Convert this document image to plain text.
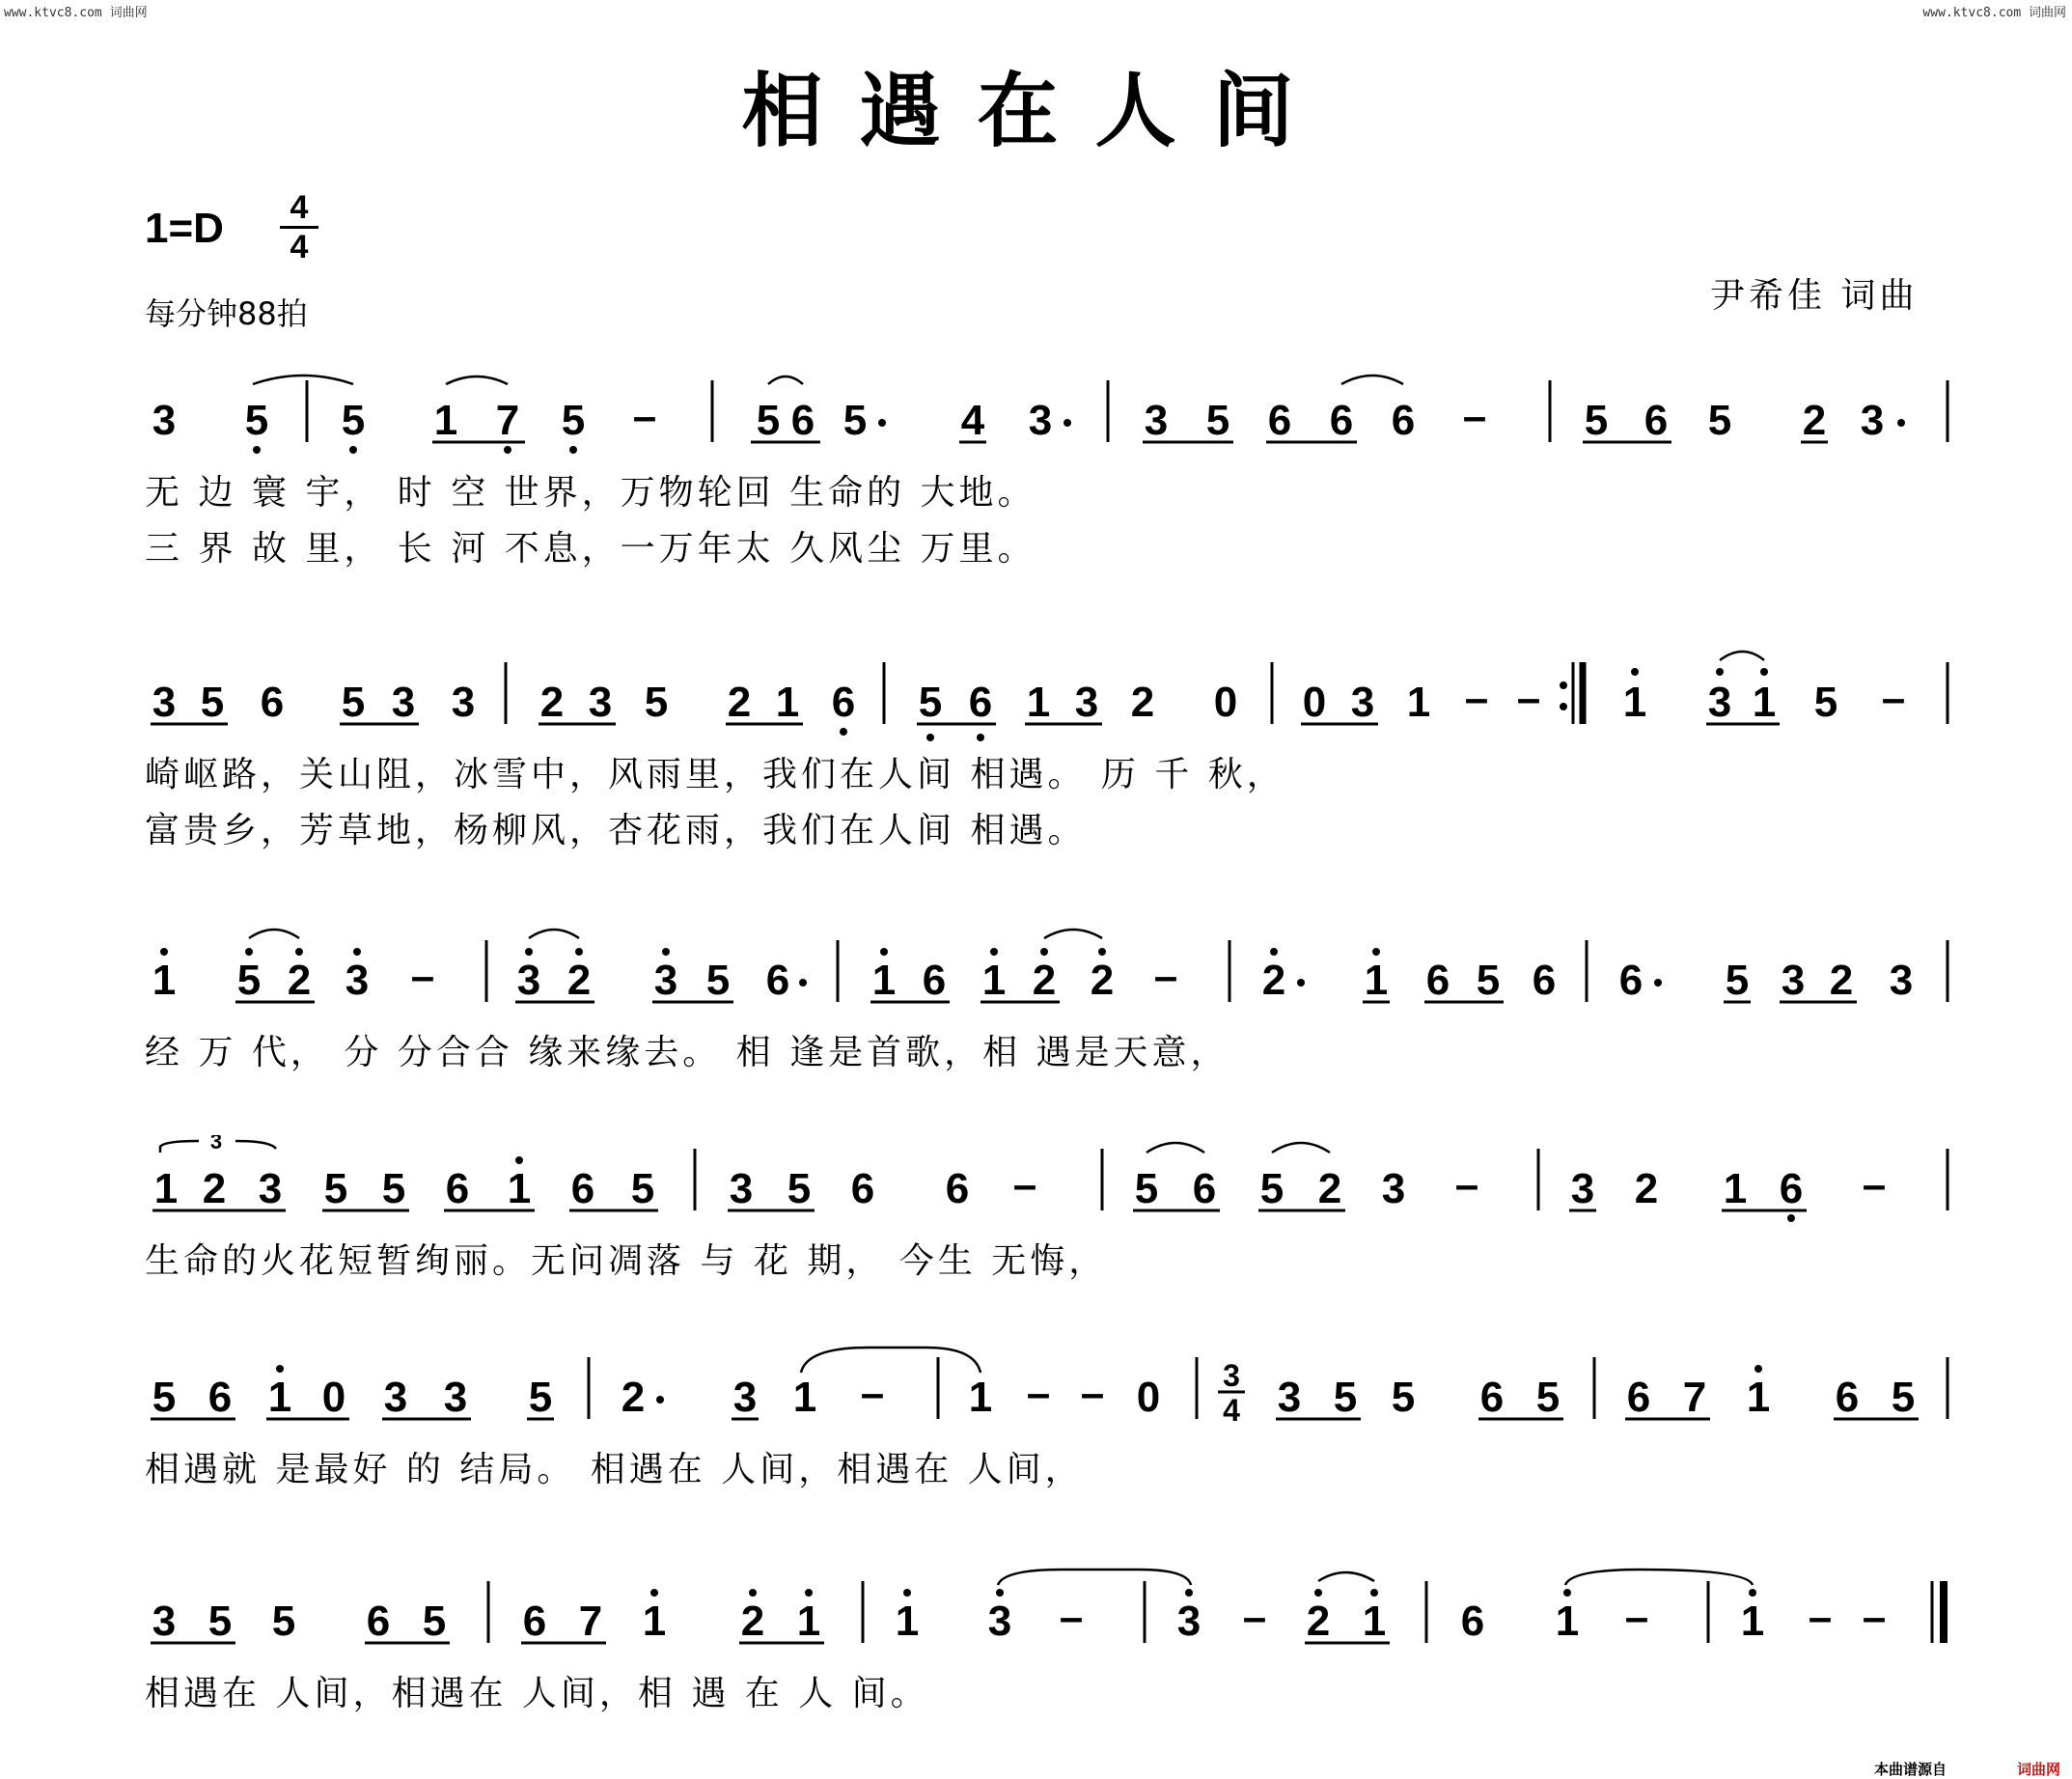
www.ktvc8.com 词曲网	www.ktvc8.com 词曲网
相遇在人间
1=D	4
4
每分钟88拍	尹希佳 词曲
3 5 5 1 7 5 – 5 6 5 4 3 3 5 6 6 6 – 5 6 5 2 3
无 边 寰 宇， 时 空 世界，万物轮回 生命的 大地。
三 界 故 里， 长 河 不息，一万年太 久风尘 万里。
3 5 6 5 3 3 2 3 5 2 1 6 5 6 1 3 2 0 0 3 1 – – 1 3 1 5 –
崎岖路，关山阻，冰雪中，风雨里，我们在人间 相遇。 历 千 秋，
富贵乡，芳草地，杨柳风，杏花雨，我们在人间 相遇。
1 5 2 3 – 3 2 3 5 6 1 6 1 2 2 – 2 1 6 5 6 6 5 3 2 3
经 万 代， 分 分合合 缘来缘去。 相 逢是首歌，相 遇是天意，
1 2 3 5 5 6 1 6 5 3 5 6 6 – 5 6 5 2 3 – 3 2 1 6 –
3
生命的火花短暂绚丽。无问凋落 与 花 期， 今生 无悔，
5 6 1 0 3 3 5 2 3 1 – 1 – – 0 3
4 3 5 5 6 5 6 7 1 6 5
相遇就 是最好 的 结局。 相遇在 人间，相遇在 人间，
3 5 5 6 5 6 7 1 2 1 1 3 – 3 – 2 1 6 1 – 1 – –
相遇在 人间，相遇在 人间，相 遇 在 人 间。
本曲谱源自	词曲网
